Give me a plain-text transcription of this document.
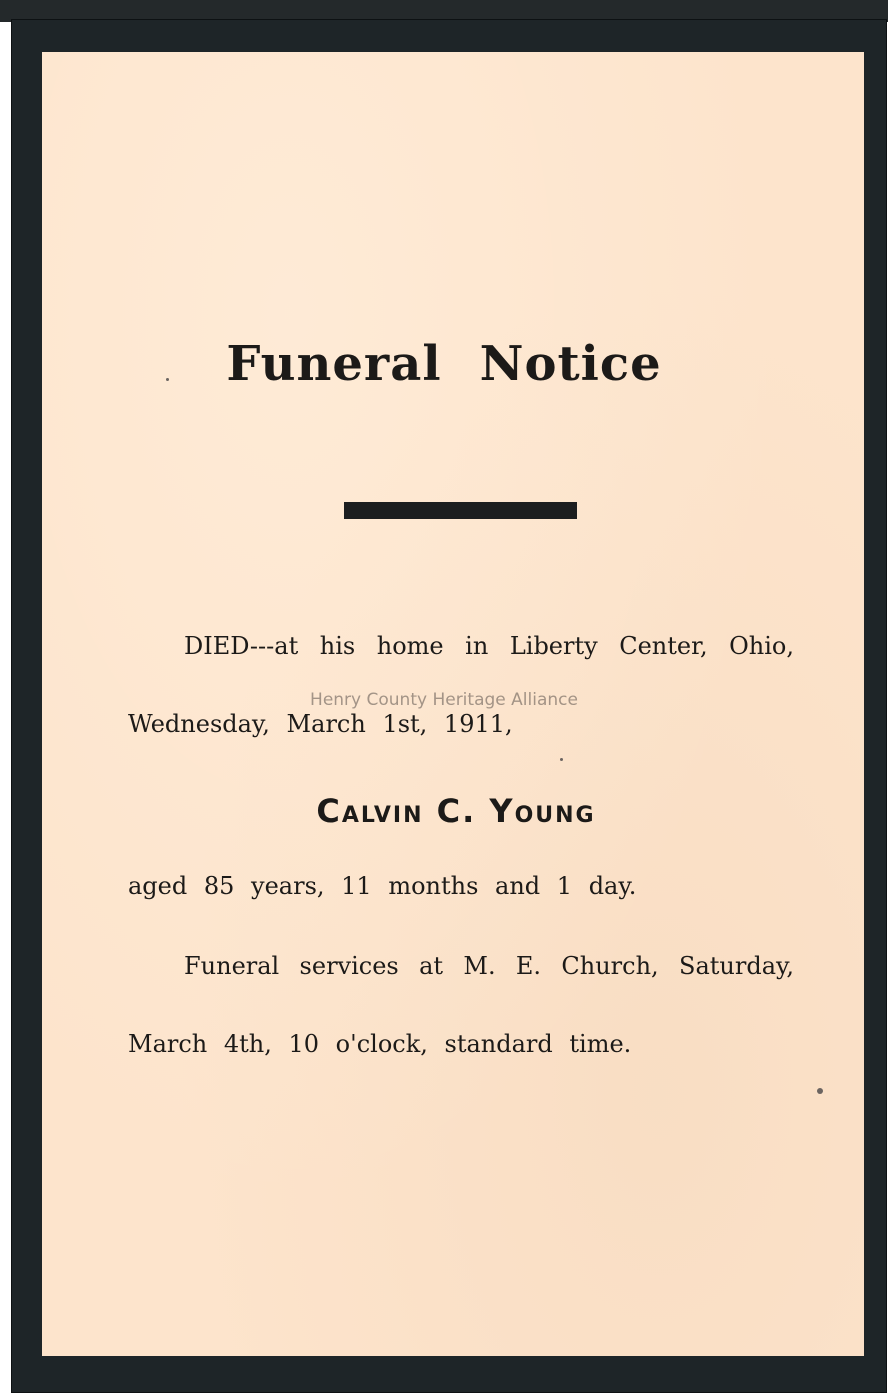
Funeral Notice
DIED---at his home in Liberty Center, Ohio,
Henry County Heritage Alliance
Wednesday, March 1st, 1911,
Calvin C. Young
aged 85 years, 11 months and 1 day.
Funeral services at M. E. Church, Saturday,
March 4th, 10 o'clock, standard time.
